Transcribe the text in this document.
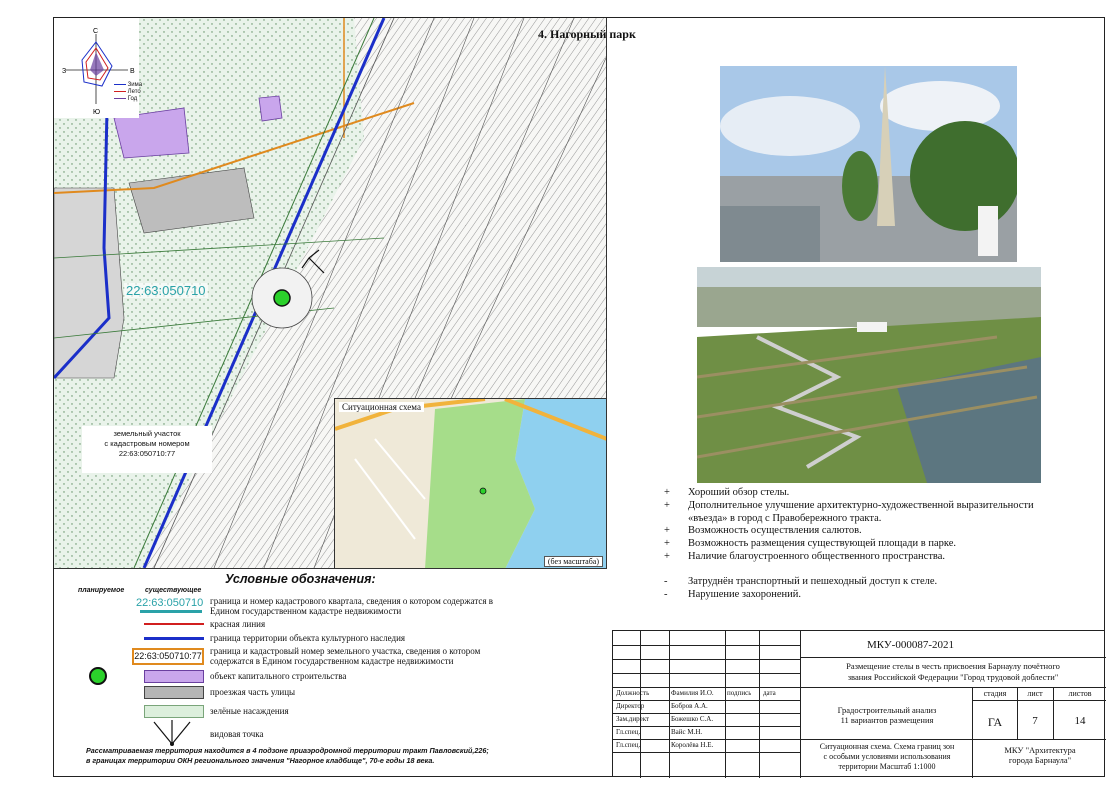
С
З	В
Ю
Зима
Лето
Год
22:63:050710
земельный участок
с кадастровым номером
22:63:050710:77
Ситуационная схема
(без масштаба)
4. Нагорный парк
+	Хороший обзор стелы.
+	Дополнительное улучшение архитектурно-художественной выразительности
«въезда» в город с Правобережного тракта.
+	Возможность осуществления салютов.
+	Возможность размещения существующей площади в парке.
+	Наличие благоустроенного общественного пространства.
-	Затруднён транспортный и пешеходный доступ к стеле.
-	Нарушение захоронений.
Условные обозначения:
планируемое	существующее
22:63:050710 граница и номер кадастрового квартала, сведения о котором содержатся в Едином государственном кадастре недвижимости
красная линия
граница территории объекта культурного наследия
22:63:050710:77 граница и кадастровый номер земельного участка, сведения о котором содержатся в Едином государственном кадастре недвижимости
объект капитального строительства
проезжая часть улицы
зелёные насаждения
видовая точка
Рассматриваемая территория находится в 4 подзоне приаэродромной территории тракт Павловский,226;
в границах территории ОКН регионального значения "Нагорное кладбище", 70-е годы 18 века.
МКУ-000087-2021
Размещение стелы в честь присвоения Барнаулу почётного
звания Российской Федерации "Город трудовой доблести"
Должность	Фамилия И.О. подпись дата
Директор	Бобров А.А.
Зам.директ	Божешко С.А.
Гл.спец.	Вайс М.Н.
Гл.спец.	Королёва Н.Е.
Градостроительный анализ
11 вариантов размещения
стадия	лист	листов
ГА	7	14
Ситуационная схема. Схема границ зон
с особыми условиями использования
территории Масштаб 1:1000
МКУ "Архитектура
города Барнаула"
